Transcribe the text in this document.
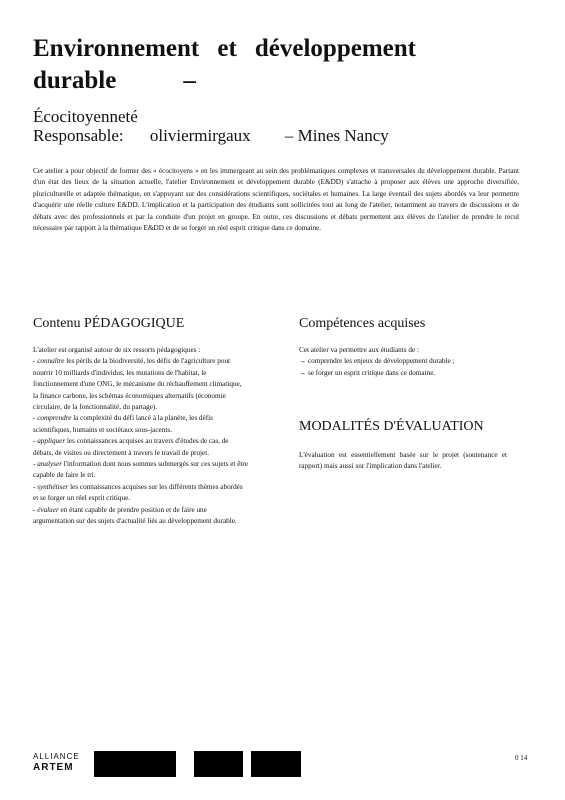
Environnement et développement
durable	–
Écocitoyenneté
Responsable: oliviermirgaux – Mines Nancy
Cet atelier a pour objectif de former des « écocitoyens » en les immergeant au sein des problématiques complexes et transversales du développement durable. Partant d'un état des lieux de la situation actuelle, l'atelier Environnement et développement durable (E&DD) s'attache à proposer aux élèves une approche diversifiée, pluriculturelle et adaptée thématique, en s'appuyant sur des considérations scientifiques, sociétales et humaines. La large éventail des sujets abordés va leur permettre d'acquérir une réelle culture E&DD. L'implication et la participation des étudiants sont sollicitées tout au long de l'atelier, notamment au travers de discussions et de débats avec des professionnels et par la conduite d'un projet en groupe. En outre, ces discussions et débats permettent aux élèves de l'atelier de prendre le recul nécessaire par rapport à la thématique E&DD et de se forger un réel esprit critique dans ce domaine.
Contenu PÉDAGOGIQUE

L'atelier est organisé autour de six ressorts pédagogiques :

- connaître les périls de la biodiversité, les défis de l'agriculture pour nourrir 10 milliards d'individus, les mutations de l'habitat, le fonctionnement d'une ONG, le mécanisme du réchauffement climatique, la finance carbone, les schémas économiques alternatifs (économie circulaire, de la fonctionnalité, du partage).

- comprendre la complexité du défi lancé à la planète, les défis scientifiques, humains et sociétaux sous-jacents.

- appliquer les connaissances acquises au travers d'études de cas, de débats, de visites ou directement à travers le travail de projet.

- analyser l'information dont nous sommes submergés sur ces sujets et être capable de faire le tri.

- synthétiser les connaissances acquises sur les différents thèmes abordés et se forger un réel esprit critique.

- évaluer en étant capable de prendre position et de faire une argumentation sur des sujets d'actualité liés au développement durable.

Compétences acquises

Cet atelier va permettre aux étudiants de :

→ comprendre les enjeux de développement durable ;

→ se forger un esprit critique dans ce domaine.

MODALITÉS D'ÉVALUATION
L'évaluation est essentiellement basée sur le projet (soutenance et rapport) mais aussi sur l'implication dans l'atelier.
ALLIANCE
ARTEM
0 14
